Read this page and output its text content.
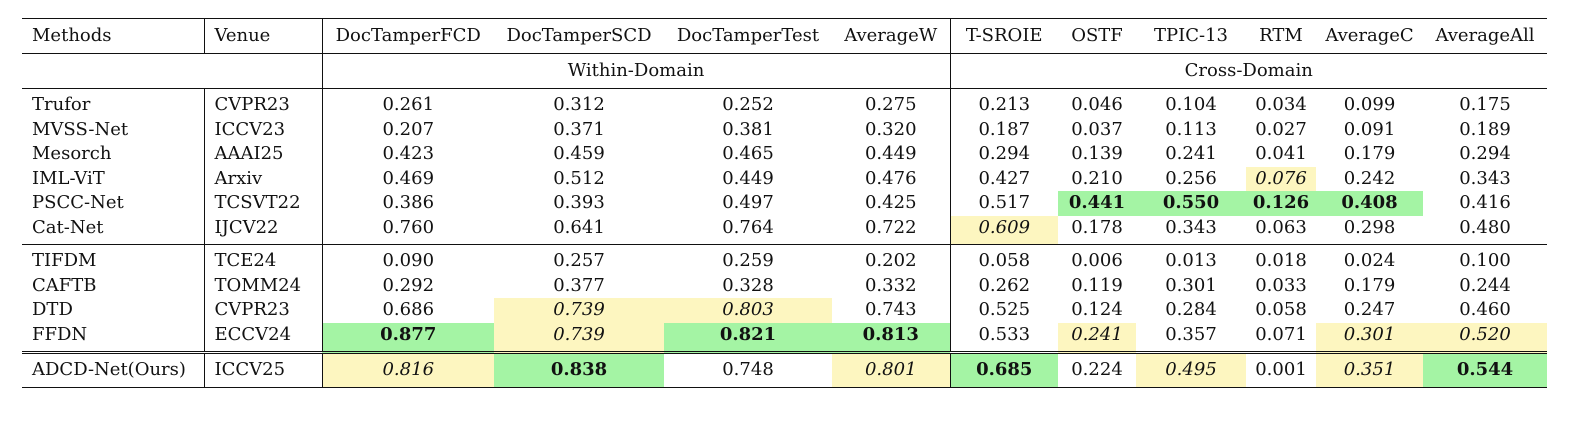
Methods	Venue	DocTamperFCD	DocTamperSCD	DocTamperTest	AverageW	T-SROIE	OSTF	TPIC-13	RTM	AverageC	AverageAll
		Within-Domain				Cross-Domain					
Trufor	CVPR23	0.261	0.312	0.252	0.275	0.213	0.046	0.104	0.034	0.099	0.175
MVSS-Net	ICCV23	0.207	0.371	0.381	0.320	0.187	0.037	0.113	0.027	0.091	0.189
Mesorch	AAAI25	0.423	0.459	0.465	0.449	0.294	0.139	0.241	0.041	0.179	0.294
IML-ViT	Arxiv	0.469	0.512	0.449	0.476	0.427	0.210	0.256	0.076	0.242	0.343
PSCC-Net	TCSVT22	0.386	0.393	0.497	0.425	0.517	0.441	0.550	0.126	0.408	0.416
Cat-Net	IJCV22	0.760	0.641	0.764	0.722	0.609	0.178	0.343	0.063	0.298	0.480
TIFDM	TCE24	0.090	0.257	0.259	0.202	0.058	0.006	0.013	0.018	0.024	0.100
CAFTB	TOMM24	0.292	0.377	0.328	0.332	0.262	0.119	0.301	0.033	0.179	0.244
DTD	CVPR23	0.686	0.739	0.803	0.743	0.525	0.124	0.284	0.058	0.247	0.460
FFDN	ECCV24	0.877	0.739	0.821	0.813	0.533	0.241	0.357	0.071	0.301	0.520
ADCD-Net(Ours)	ICCV25	0.816	0.838	0.748	0.801	0.685	0.224	0.495	0.001	0.351	0.544
